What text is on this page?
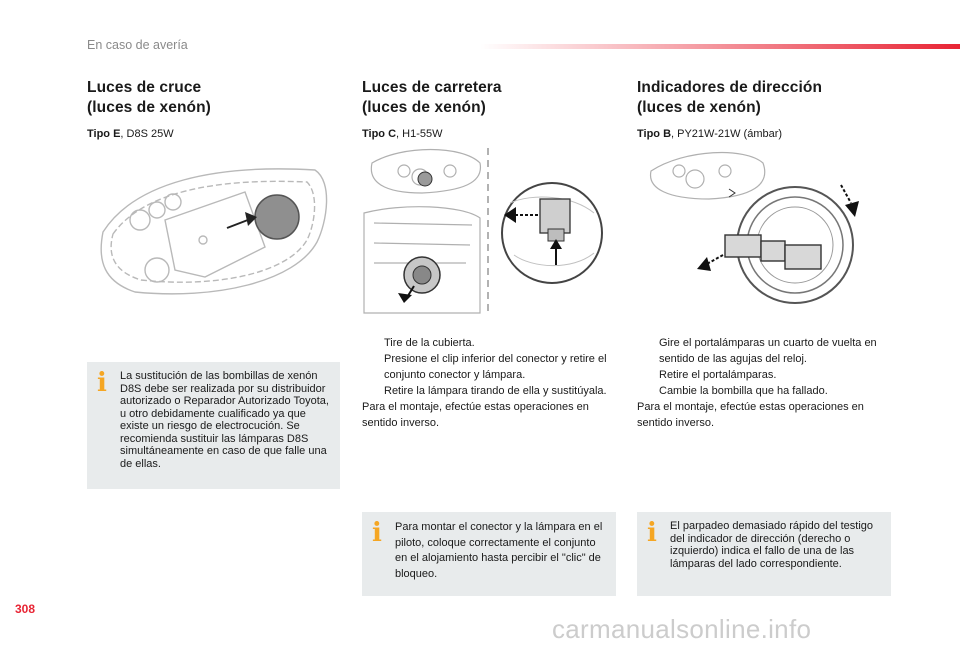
En caso de avería
Luces de cruce
(luces de xenón)
Tipo E, D8S 25W
Luces de carretera
(luces de xenón)
Tipo C, H1-55W
Indicadores de dirección
(luces de xenón)
Tipo B, PY21W-21W (ámbar)
Tire de la cubierta.
Presione el clip inferior del conector y retire el conjunto conector y lámpara.
Retire la lámpara tirando de ella y sustitúyala.
Para el montaje, efectúe estas operaciones en sentido inverso.
Gire el portalámparas un cuarto de vuelta en sentido de las agujas del reloj.
Retire el portalámparas.
Cambie la bombilla que ha fallado.
Para el montaje, efectúe estas operaciones en sentido inverso.
i	La sustitución de las bombillas de xenón D8S debe ser realizada por su distribuidor autorizado o Reparador Autorizado Toyota, u otro debidamente cualificado ya que existe un riesgo de electrocución. Se recomienda sustituir las lámparas D8S simultáneamente en caso de que falle una de ellas.

i	Para montar el conector y la lámpara en el piloto, coloque correctamente el conjunto en el alojamiento hasta percibir el "clic" de bloqueo.

i	El parpadeo demasiado rápido del testigo del indicador de dirección (derecho o izquierdo) indica el fallo de una de las lámparas del lado correspondiente.

308
carmanualsonline.info
